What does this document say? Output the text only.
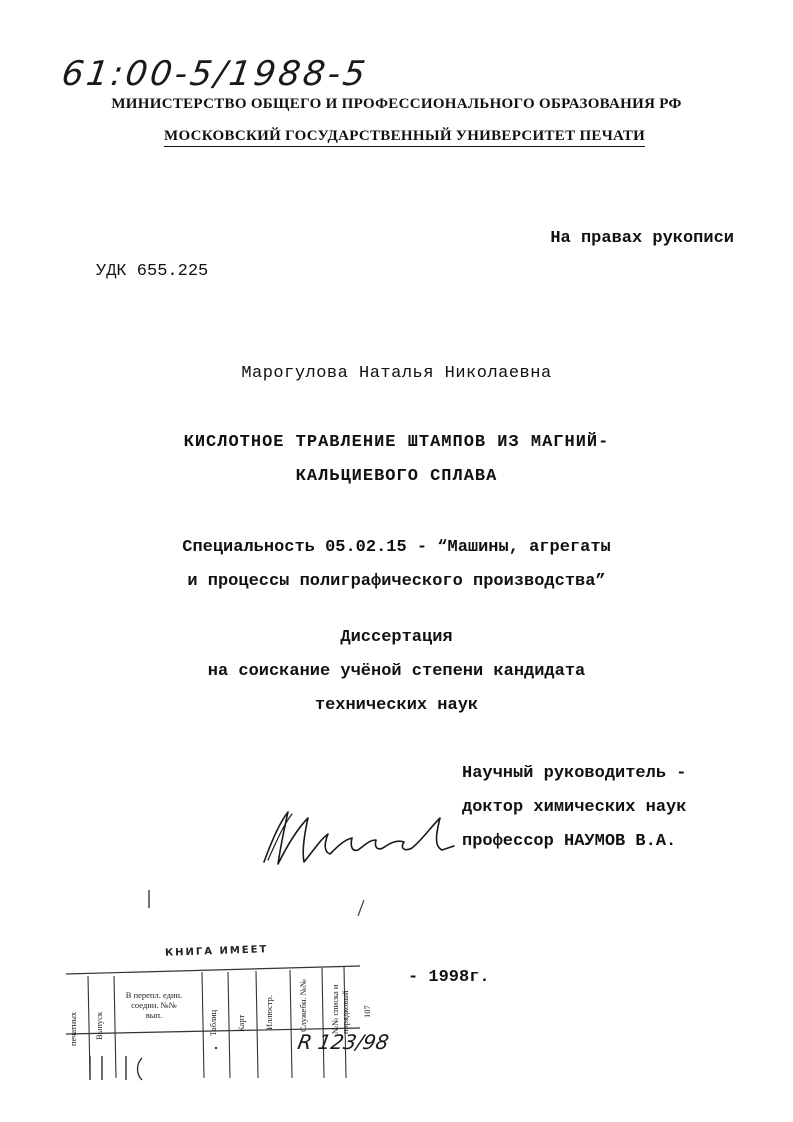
61:00-5/1988-5
МИНИСТЕРСТВО ОБЩЕГО И ПРОФЕССИОНАЛЬНОГО ОБРАЗОВАНИЯ РФ
МОСКОВСКИЙ ГОСУДАРСТВЕННЫЙ УНИВЕРСИТЕТ ПЕЧАТИ
На правах рукописи
УДК 655.225
Марогулова Наталья Николаевна
КИСЛОТНОЕ ТРАВЛЕНИЕ ШТАМПОВ ИЗ МАГНИЙ-
КАЛЬЦИЕВОГО СПЛАВА
Специальность 05.02.15 - “Машины, агрегаты
и процессы полиграфического производства”
Диссертация
на соискание учёной степени кандидата
технических наук
Научный руководитель -
доктор химических наук
профессор НАУМОВ В.А.
- 1998г.
КНИГА ИМЕЕТ
печатных Выпуск
В перепл. един. соедин. №№ вып.	Таблиц Карт Иллюстр.	Служебн. №№	№№ списка и порядковый 107
R 123/98
